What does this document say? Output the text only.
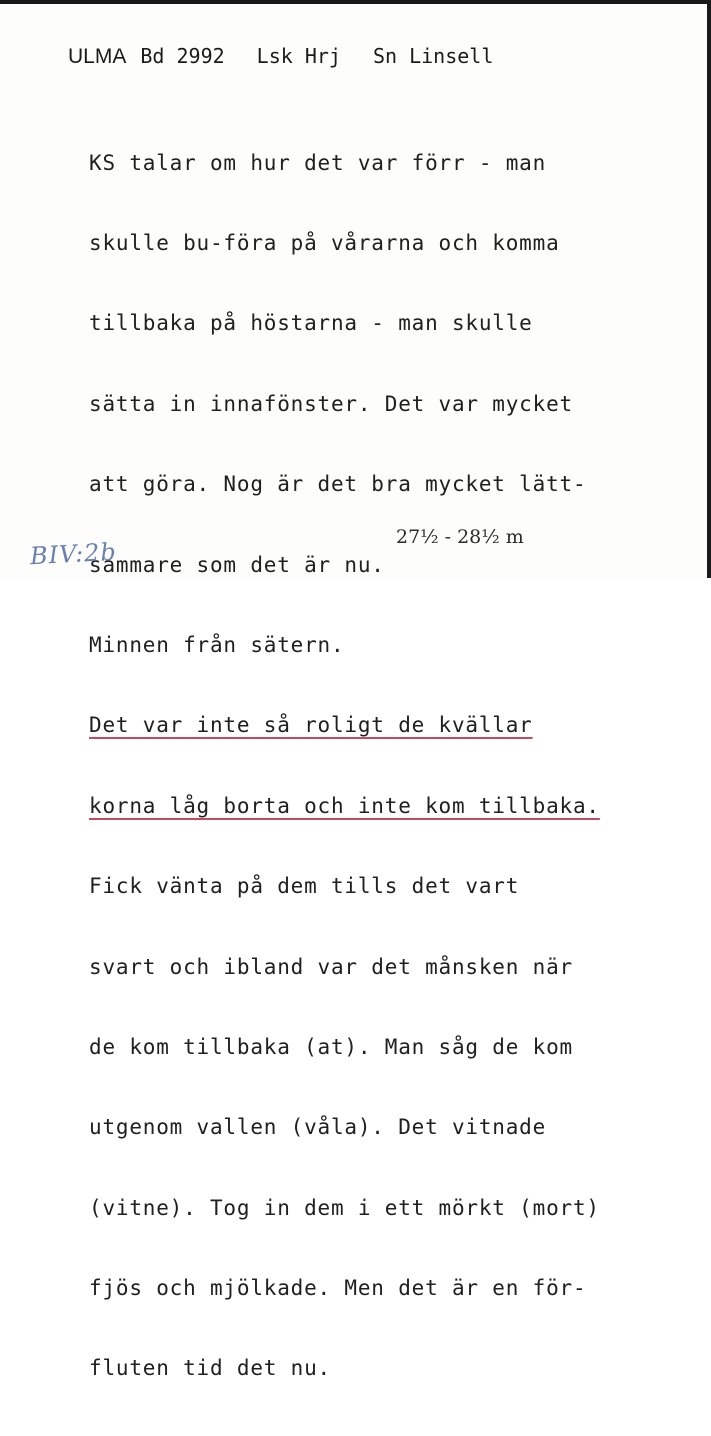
ULMA Bd 2992 Lsk Hrj Sn Linsell

KS talar om hur det var förr - man

skulle bu-föra på vårarna och komma

tillbaka på höstarna - man skulle

sätta in innafönster. Det var mycket

att göra. Nog är det bra mycket lätt-

sammare som det är nu.

Minnen från sätern.

Det var inte så roligt de kvällar

korna låg borta och inte kom tillbaka.

Fick vänta på dem tills det vart

svart och ibland var det månsken när

de kom tillbaka (at). Man såg de kom

utgenom vallen (våla). Det vitnade

(vitne). Tog in dem i ett mörkt (mort)

fjös och mjölkade. Men det är en för-

fluten tid det nu.

27½ - 28½ m
BIV:2b
